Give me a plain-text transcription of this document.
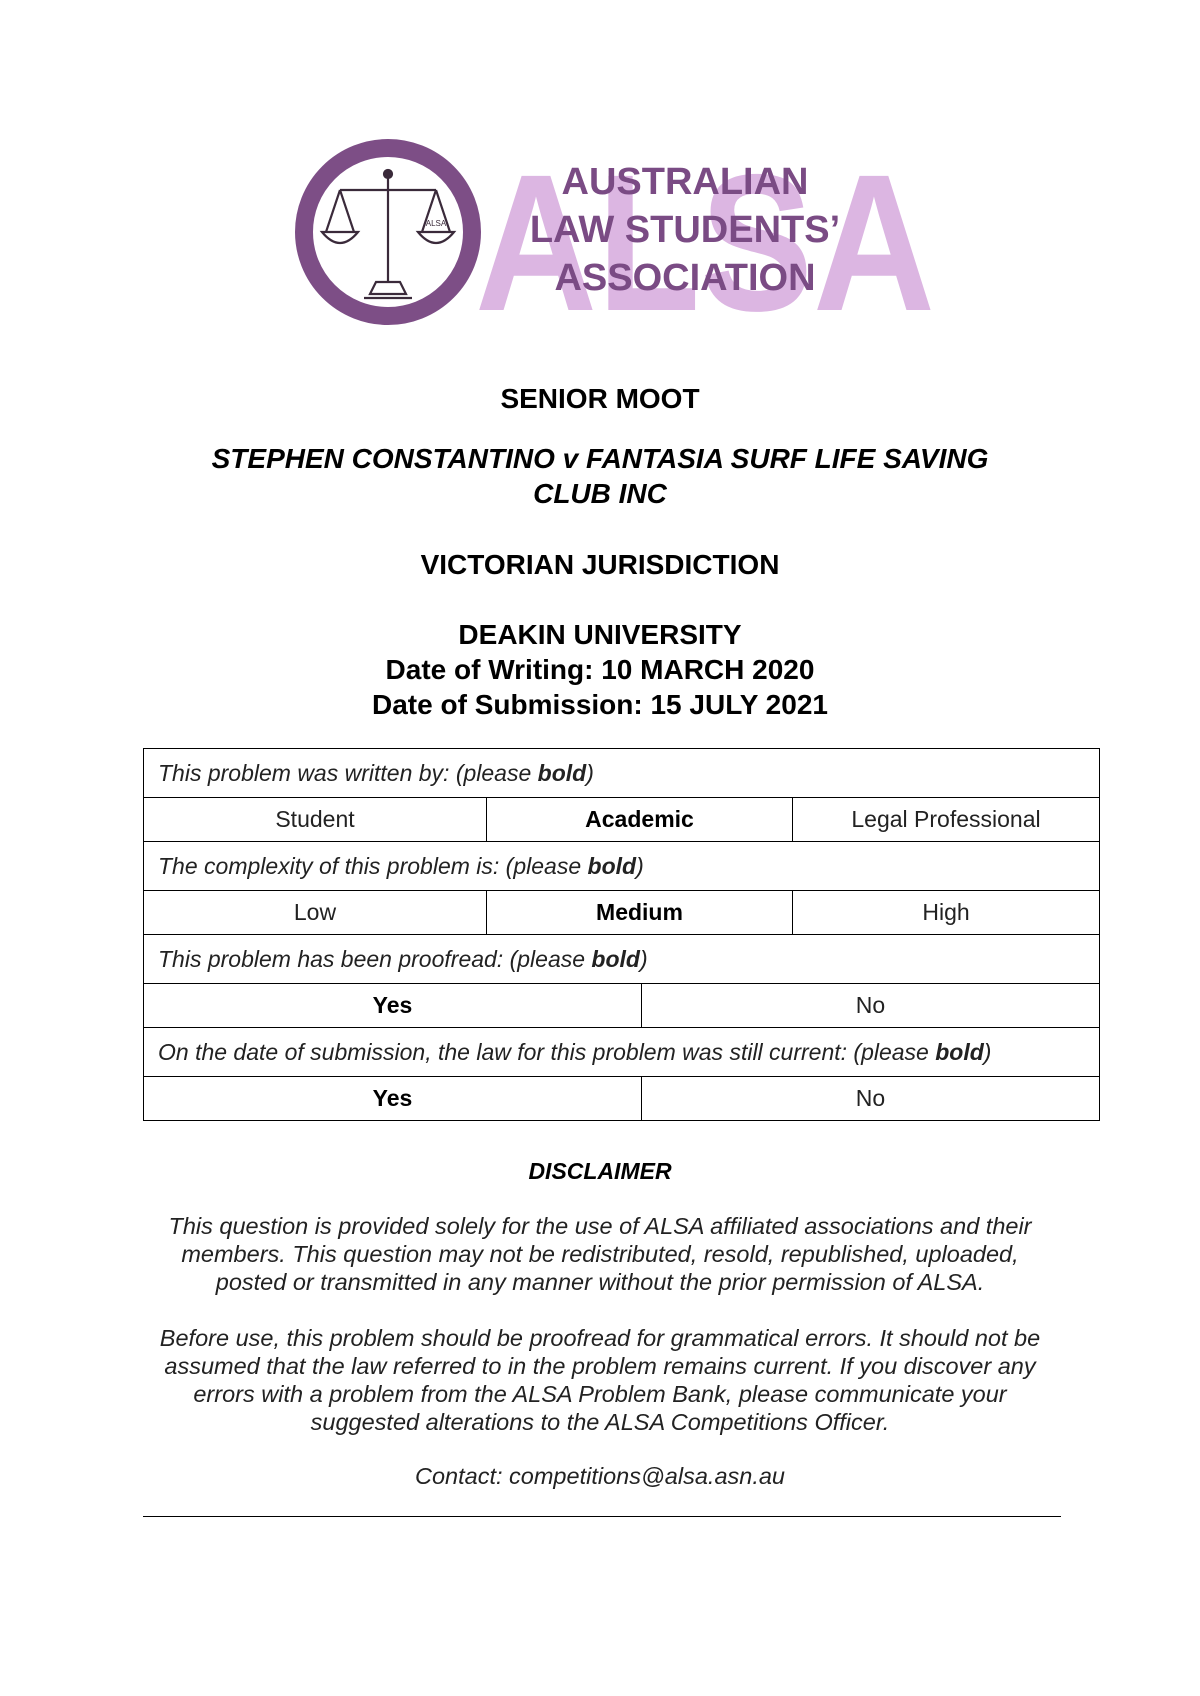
ALSA
ALSA
AUSTRALIAN
LAW STUDENTS’
ASSOCIATION
SENIOR MOOT
STEPHEN CONSTANTINO v FANTASIA SURF LIFE SAVING
CLUB INC
VICTORIAN JURISDICTION
DEAKIN UNIVERSITY
Date of Writing: 10 MARCH 2020
Date of Submission: 15 JULY 2021
This problem was written by: (please bold)			
Student	Academic		Legal Professional
The complexity of this problem is: (please bold)			
Low	Medium		High
This problem has been proofread: (please bold)			
Yes		No	
On the date of submission, the law for this problem was still current: (please bold)			
Yes		No	
DISCLAIMER
This question is provided solely for the use of ALSA affiliated associations and their
members. This question may not be redistributed, resold, republished, uploaded,
posted or transmitted in any manner without the prior permission of ALSA.
Before use, this problem should be proofread for grammatical errors. It should not be
assumed that the law referred to in the problem remains current. If you discover any
errors with a problem from the ALSA Problem Bank, please communicate your
suggested alterations to the ALSA Competitions Officer.
Contact: competitions@alsa.asn.au
